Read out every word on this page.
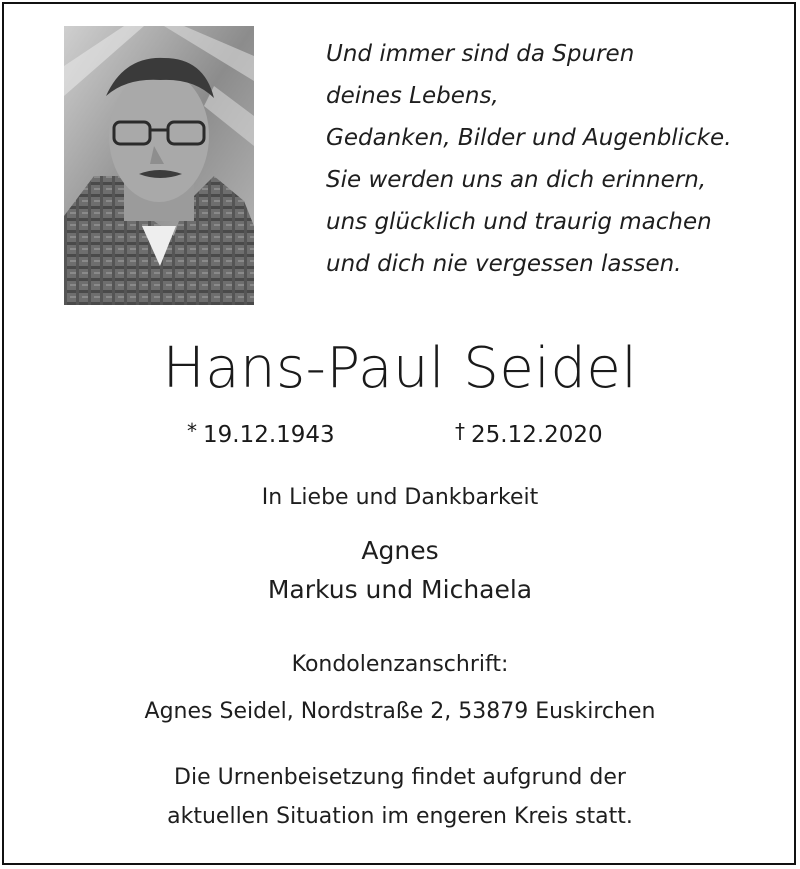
Und immer sind da Spuren
deines Lebens,
Gedanken, Bilder und Augenblicke.
Sie werden uns an dich erinnern,
uns glücklich und traurig machen
und dich nie vergessen lassen.
Hans-Paul Seidel
* 19.12.1943	† 25.12.2020
In Liebe und Dankbarkeit
Agnes
Markus und Michaela
Kondolenzanschrift:
Agnes Seidel, Nordstraße 2, 53879 Euskirchen
Die Urnenbeisetzung findet aufgrund der
aktuellen Situation im engeren Kreis statt.
